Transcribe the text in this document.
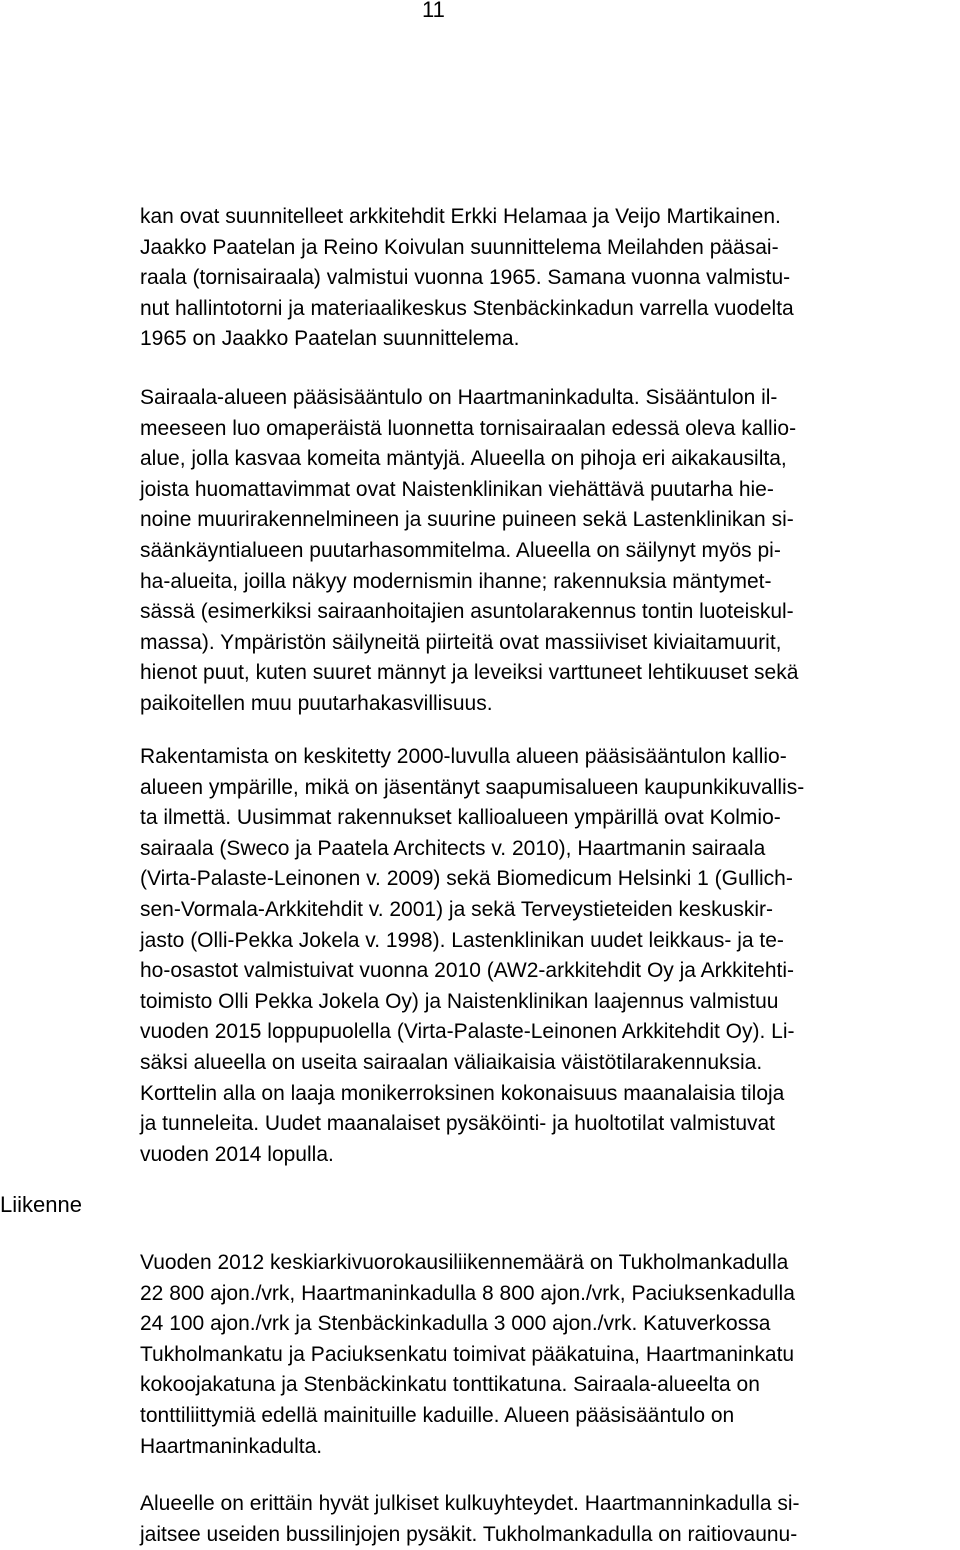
11
Liikenne
kan ovat suunnitelleet arkkitehdit Erkki Helamaa ja Veijo Martikainen.
Jaakko Paatelan ja Reino Koivulan suunnittelema Meilahden pääsai-
raala (tornisairaala) valmistui vuonna 1965. Samana vuonna valmistu-
nut hallintotorni ja materiaalikeskus Stenbäckinkadun varrella vuodelta
1965 on Jaakko Paatelan suunnittelema.
Sairaala-alueen pääsisääntulo on Haartmaninkadulta. Sisääntulon il-
meeseen luo omaperäistä luonnetta tornisairaalan edessä oleva kallio-
alue, jolla kasvaa komeita mäntyjä. Alueella on pihoja eri aikakausilta,
joista huomattavimmat ovat Naistenklinikan viehättävä puutarha hie-
noine muurirakennelmineen ja suurine puineen sekä Lastenklinikan si-
säänkäyntialueen puutarhasommitelma. Alueella on säilynyt myös pi-
ha-alueita, joilla näkyy modernismin ihanne; rakennuksia mäntymet-
sässä (esimerkiksi sairaanhoitajien asuntolarakennus tontin luoteiskul-
massa). Ympäristön säilyneitä piirteitä ovat massiiviset kiviaitamuurit,
hienot puut, kuten suuret männyt ja leveiksi varttuneet lehtikuuset sekä
paikoitellen muu puutarhakasvillisuus.
Rakentamista on keskitetty 2000-luvulla alueen pääsisääntulon kallio-
alueen ympärille, mikä on jäsentänyt saapumisalueen kaupunkikuvallis-
ta ilmettä. Uusimmat rakennukset kallioalueen ympärillä ovat Kolmio-
sairaala (Sweco ja Paatela Architects v. 2010), Haartmanin sairaala
(Virta-Palaste-Leinonen v. 2009) sekä Biomedicum Helsinki 1 (Gullich-
sen-Vormala-Arkkitehdit v. 2001) ja sekä Terveystieteiden keskuskir-
jasto (Olli-Pekka Jokela v. 1998). Lastenklinikan uudet leikkaus- ja te-
ho-osastot valmistuivat vuonna 2010 (AW2-arkkitehdit Oy ja Arkkitehti-
toimisto Olli Pekka Jokela Oy) ja Naistenklinikan laajennus valmistuu
vuoden 2015 loppupuolella (Virta-Palaste-Leinonen Arkkitehdit Oy). Li-
säksi alueella on useita sairaalan väliaikaisia väistötilarakennuksia.
Korttelin alla on laaja monikerroksinen kokonaisuus maanalaisia tiloja
ja tunneleita. Uudet maanalaiset pysäköinti- ja huoltotilat valmistuvat
vuoden 2014 lopulla.
Vuoden 2012 keskiarkivuorokausiliikennemäärä on Tukholmankadulla
22 800 ajon./vrk, Haartmaninkadulla 8 800 ajon./vrk, Paciuksenkadulla
24 100 ajon./vrk ja Stenbäckinkadulla 3 000 ajon./vrk. Katuverkossa
Tukholmankatu ja Paciuksenkatu toimivat pääkatuina, Haartmaninkatu
kokoojakatuna ja Stenbäckinkatu tonttikatuna. Sairaala-alueelta on
tonttiliittymiä edellä mainituille kaduille. Alueen pääsisääntulo on
Haartmaninkadulta.
Alueelle on erittäin hyvät julkiset kulkuyhteydet. Haartmanninkadulla si-
jaitsee useiden bussilinjojen pysäkit. Tukholmankadulla on raitiovaunu-
